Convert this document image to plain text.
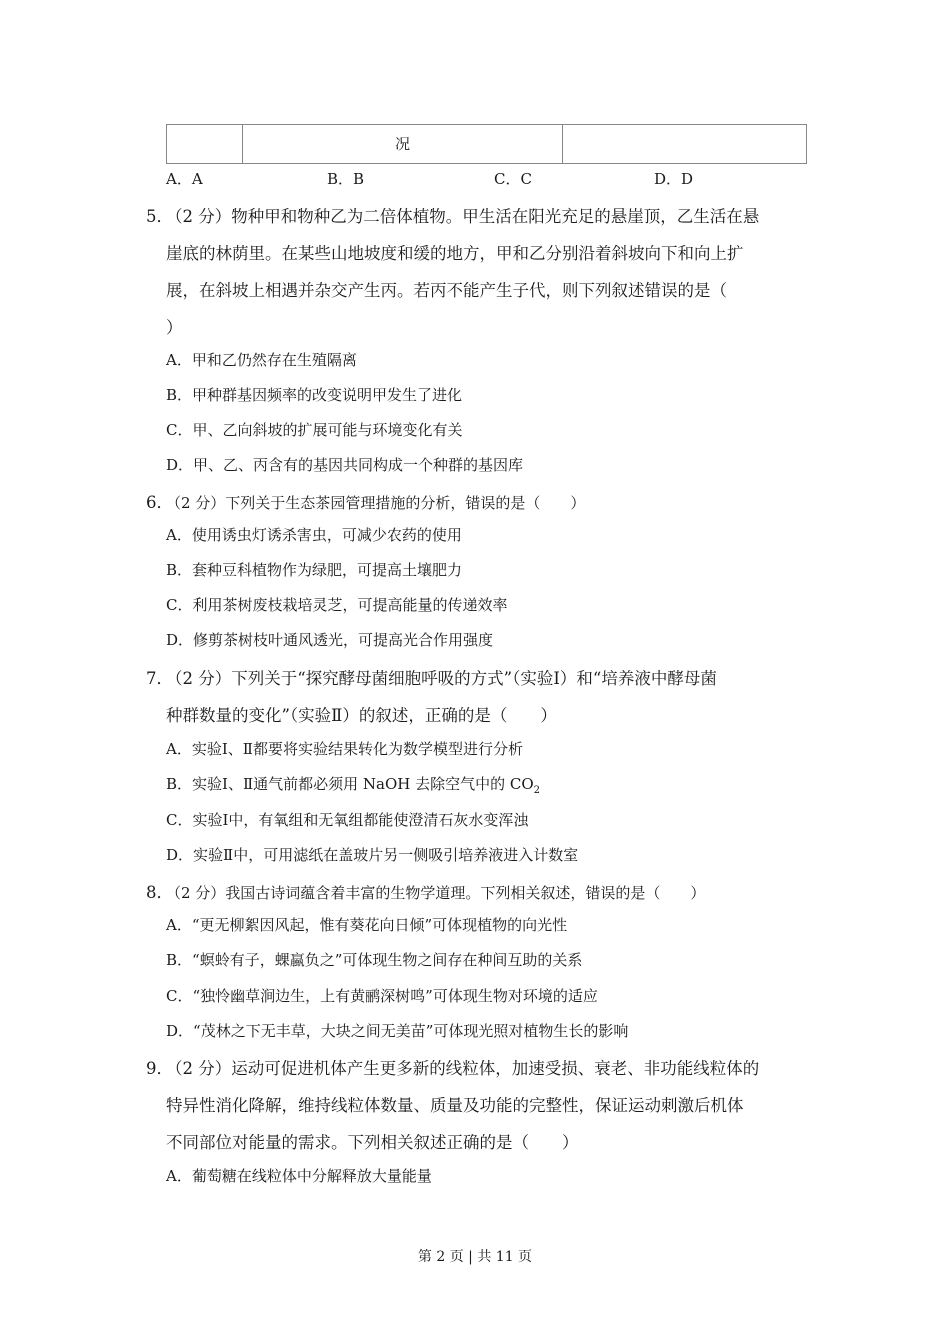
	况	
A．A	B．B	C．C	D．D
5．（2 分）物种甲和物种乙为二倍体植物。甲生活在阳光充足的悬崖顶，乙生活在悬
崖底的林荫里。在某些山地坡度和缓的地方，甲和乙分别沿着斜坡向下和向上扩
展，在斜坡上相遇并杂交产生丙。若丙不能产生子代，则下列叙述错误的是（
）
A．甲和乙仍然存在生殖隔离
B．甲种群基因频率的改变说明甲发生了进化
C．甲、乙向斜坡的扩展可能与环境变化有关
D．甲、乙、丙含有的基因共同构成一个种群的基因库
6．（2 分）下列关于生态茶园管理措施的分析，错误的是（　　）
A．使用诱虫灯诱杀害虫，可减少农药的使用
B．套种豆科植物作为绿肥，可提高土壤肥力
C．利用茶树废枝栽培灵芝，可提高能量的传递效率
D．修剪茶树枝叶通风透光，可提高光合作用强度
7．（2 分）下列关于“探究酵母菌细胞呼吸的方式”（实验Ⅰ）和“培养液中酵母菌
种群数量的变化”（实验Ⅱ）的叙述，正确的是（　　）
A．实验Ⅰ、Ⅱ都要将实验结果转化为数学模型进行分析
B．实验Ⅰ、Ⅱ通气前都必须用 NaOH 去除空气中的 $CO_2$
C．实验Ⅰ中，有氧组和无氧组都能使澄清石灰水变浑浊
D．实验Ⅱ中，可用滤纸在盖玻片另一侧吸引培养液进入计数室
8．（2 分）我国古诗词蕴含着丰富的生物学道理。下列相关叙述，错误的是（　　）
A．“更无柳絮因风起，惟有葵花向日倾”可体现植物的向光性
B．“螟蛉有子，蜾蠃负之”可体现生物之间存在种间互助的关系
C．“独怜幽草涧边生，上有黄鹂深树鸣”可体现生物对环境的适应
D．“茂林之下无丰草，大块之间无美苗”可体现光照对植物生长的影响
9．（2 分）运动可促进机体产生更多新的线粒体，加速受损、衰老、非功能线粒体的
特异性消化降解，维持线粒体数量、质量及功能的完整性，保证运动刺激后机体
不同部位对能量的需求。下列相关叙述正确的是（　　）
A．葡萄糖在线粒体中分解释放大量能量
第 2 页 | 共 11 页
